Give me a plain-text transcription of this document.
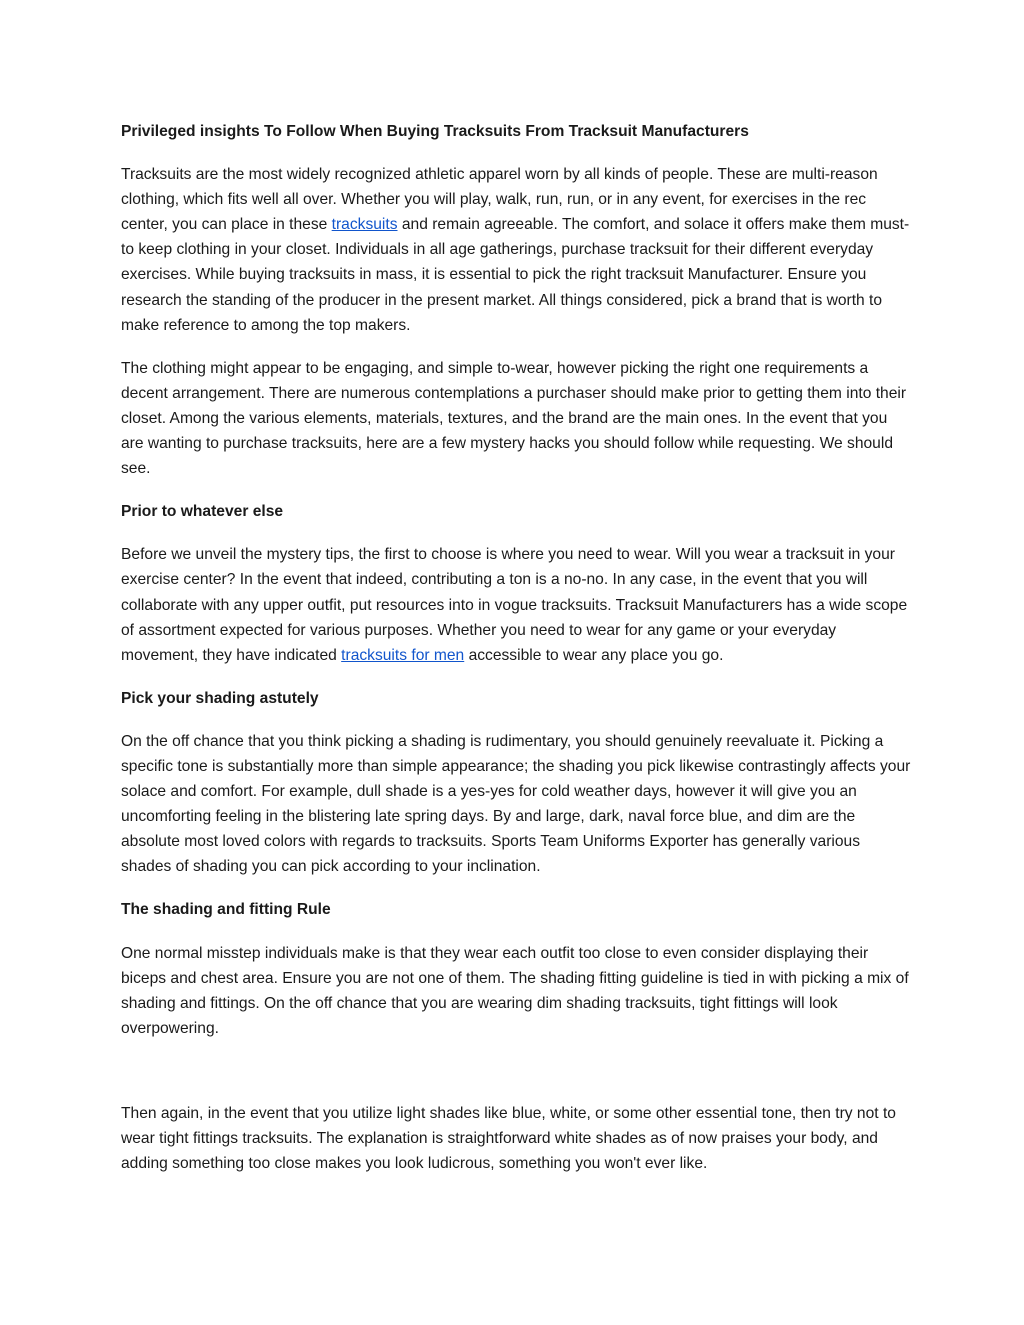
Privileged insights To Follow When Buying Tracksuits From Tracksuit Manufacturers
Tracksuits are the most widely recognized athletic apparel worn by all kinds of people. These are multi-reason clothing, which fits well all over. Whether you will play, walk, run, run, or in any event, for exercises in the rec center, you can place in these tracksuits and remain agreeable. The comfort, and solace it offers make them must-to keep clothing in your closet. Individuals in all age gatherings, purchase tracksuit for their different everyday exercises. While buying tracksuits in mass, it is essential to pick the right tracksuit Manufacturer. Ensure you research the standing of the producer in the present market. All things considered, pick a brand that is worth to make reference to among the top makers.
The clothing might appear to be engaging, and simple to-wear, however picking the right one requirements a decent arrangement. There are numerous contemplations a purchaser should make prior to getting them into their closet. Among the various elements, materials, textures, and the brand are the main ones. In the event that you are wanting to purchase tracksuits, here are a few mystery hacks you should follow while requesting. We should see.
Prior to whatever else
Before we unveil the mystery tips, the first to choose is where you need to wear. Will you wear a tracksuit in your exercise center? In the event that indeed, contributing a ton is a no-no. In any case, in the event that you will collaborate with any upper outfit, put resources into in vogue tracksuits. Tracksuit Manufacturers has a wide scope of assortment expected for various purposes. Whether you need to wear for any game or your everyday movement, they have indicated tracksuits for men accessible to wear any place you go.
Pick your shading astutely
On the off chance that you think picking a shading is rudimentary, you should genuinely reevaluate it. Picking a specific tone is substantially more than simple appearance; the shading you pick likewise contrastingly affects your solace and comfort. For example, dull shade is a yes-yes for cold weather days, however it will give you an uncomforting feeling in the blistering late spring days. By and large, dark, naval force blue, and dim are the absolute most loved colors with regards to tracksuits. Sports Team Uniforms Exporter has generally various shades of shading you can pick according to your inclination.
The shading and fitting Rule
One normal misstep individuals make is that they wear each outfit too close to even consider displaying their biceps and chest area. Ensure you are not one of them. The shading fitting guideline is tied in with picking a mix of shading and fittings. On the off chance that you are wearing dim shading tracksuits, tight fittings will look overpowering.
Then again, in the event that you utilize light shades like blue, white, or some other essential tone, then try not to wear tight fittings tracksuits. The explanation is straightforward white shades as of now praises your body, and adding something too close makes you look ludicrous, something you won't ever like.
